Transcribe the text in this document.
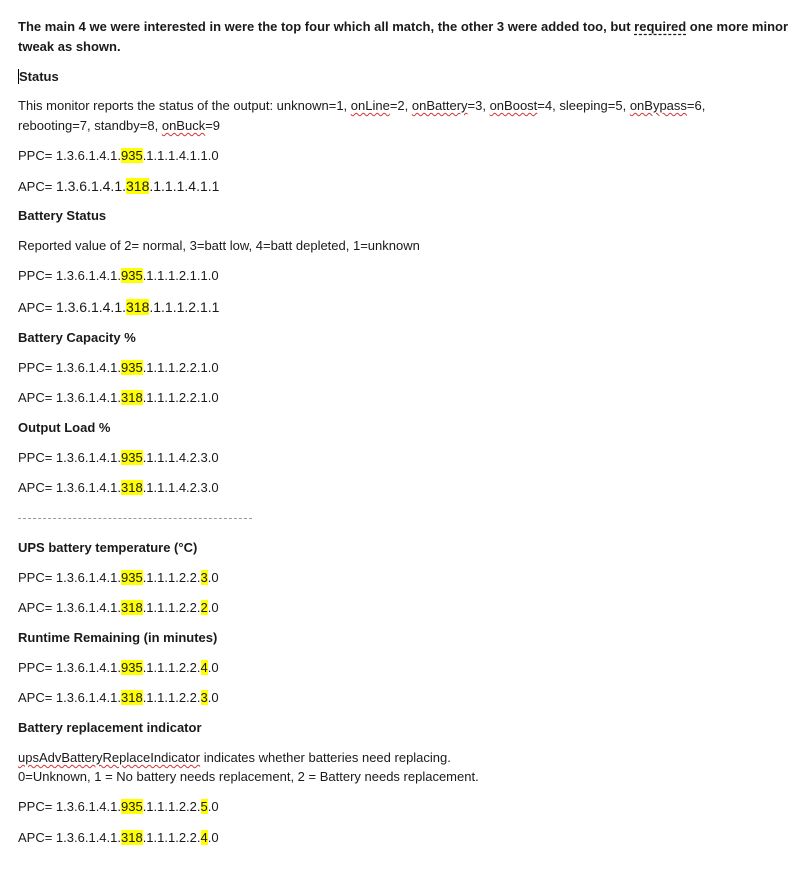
The main 4 we were interested in were the top four which all match, the other 3 were added too, but required one more minor
tweak as shown.
Status
This monitor reports the status of the output: unknown=1, onLine=2, onBattery=3, onBoost=4, sleeping=5, onBypass=6,
rebooting=7, standby=8, onBuck=9
PPC= 1.3.6.1.4.1.935.1.1.1.4.1.1.0
APC= 1.3.6.1.4.1.318.1.1.1.4.1.1
Battery Status
Reported value of 2= normal, 3=batt low, 4=batt depleted, 1=unknown
PPC= 1.3.6.1.4.1.935.1.1.1.2.1.1.0
APC= 1.3.6.1.4.1.318.1.1.1.2.1.1
Battery Capacity %
PPC= 1.3.6.1.4.1.935.1.1.1.2.2.1.0
APC= 1.3.6.1.4.1.318.1.1.1.2.2.1.0
Output Load %
PPC= 1.3.6.1.4.1.935.1.1.1.4.2.3.0
APC= 1.3.6.1.4.1.318.1.1.1.4.2.3.0
UPS battery temperature (°C)
PPC= 1.3.6.1.4.1.935.1.1.1.2.2.3.0
APC= 1.3.6.1.4.1.318.1.1.1.2.2.2.0
Runtime Remaining (in minutes)
PPC= 1.3.6.1.4.1.935.1.1.1.2.2.4.0
APC= 1.3.6.1.4.1.318.1.1.1.2.2.3.0
Battery replacement indicator
upsAdvBatteryReplaceIndicator indicates whether batteries need replacing.
0=Unknown, 1 = No battery needs replacement, 2 = Battery needs replacement.
PPC= 1.3.6.1.4.1.935.1.1.1.2.2.5.0
APC= 1.3.6.1.4.1.318.1.1.1.2.2.4.0
